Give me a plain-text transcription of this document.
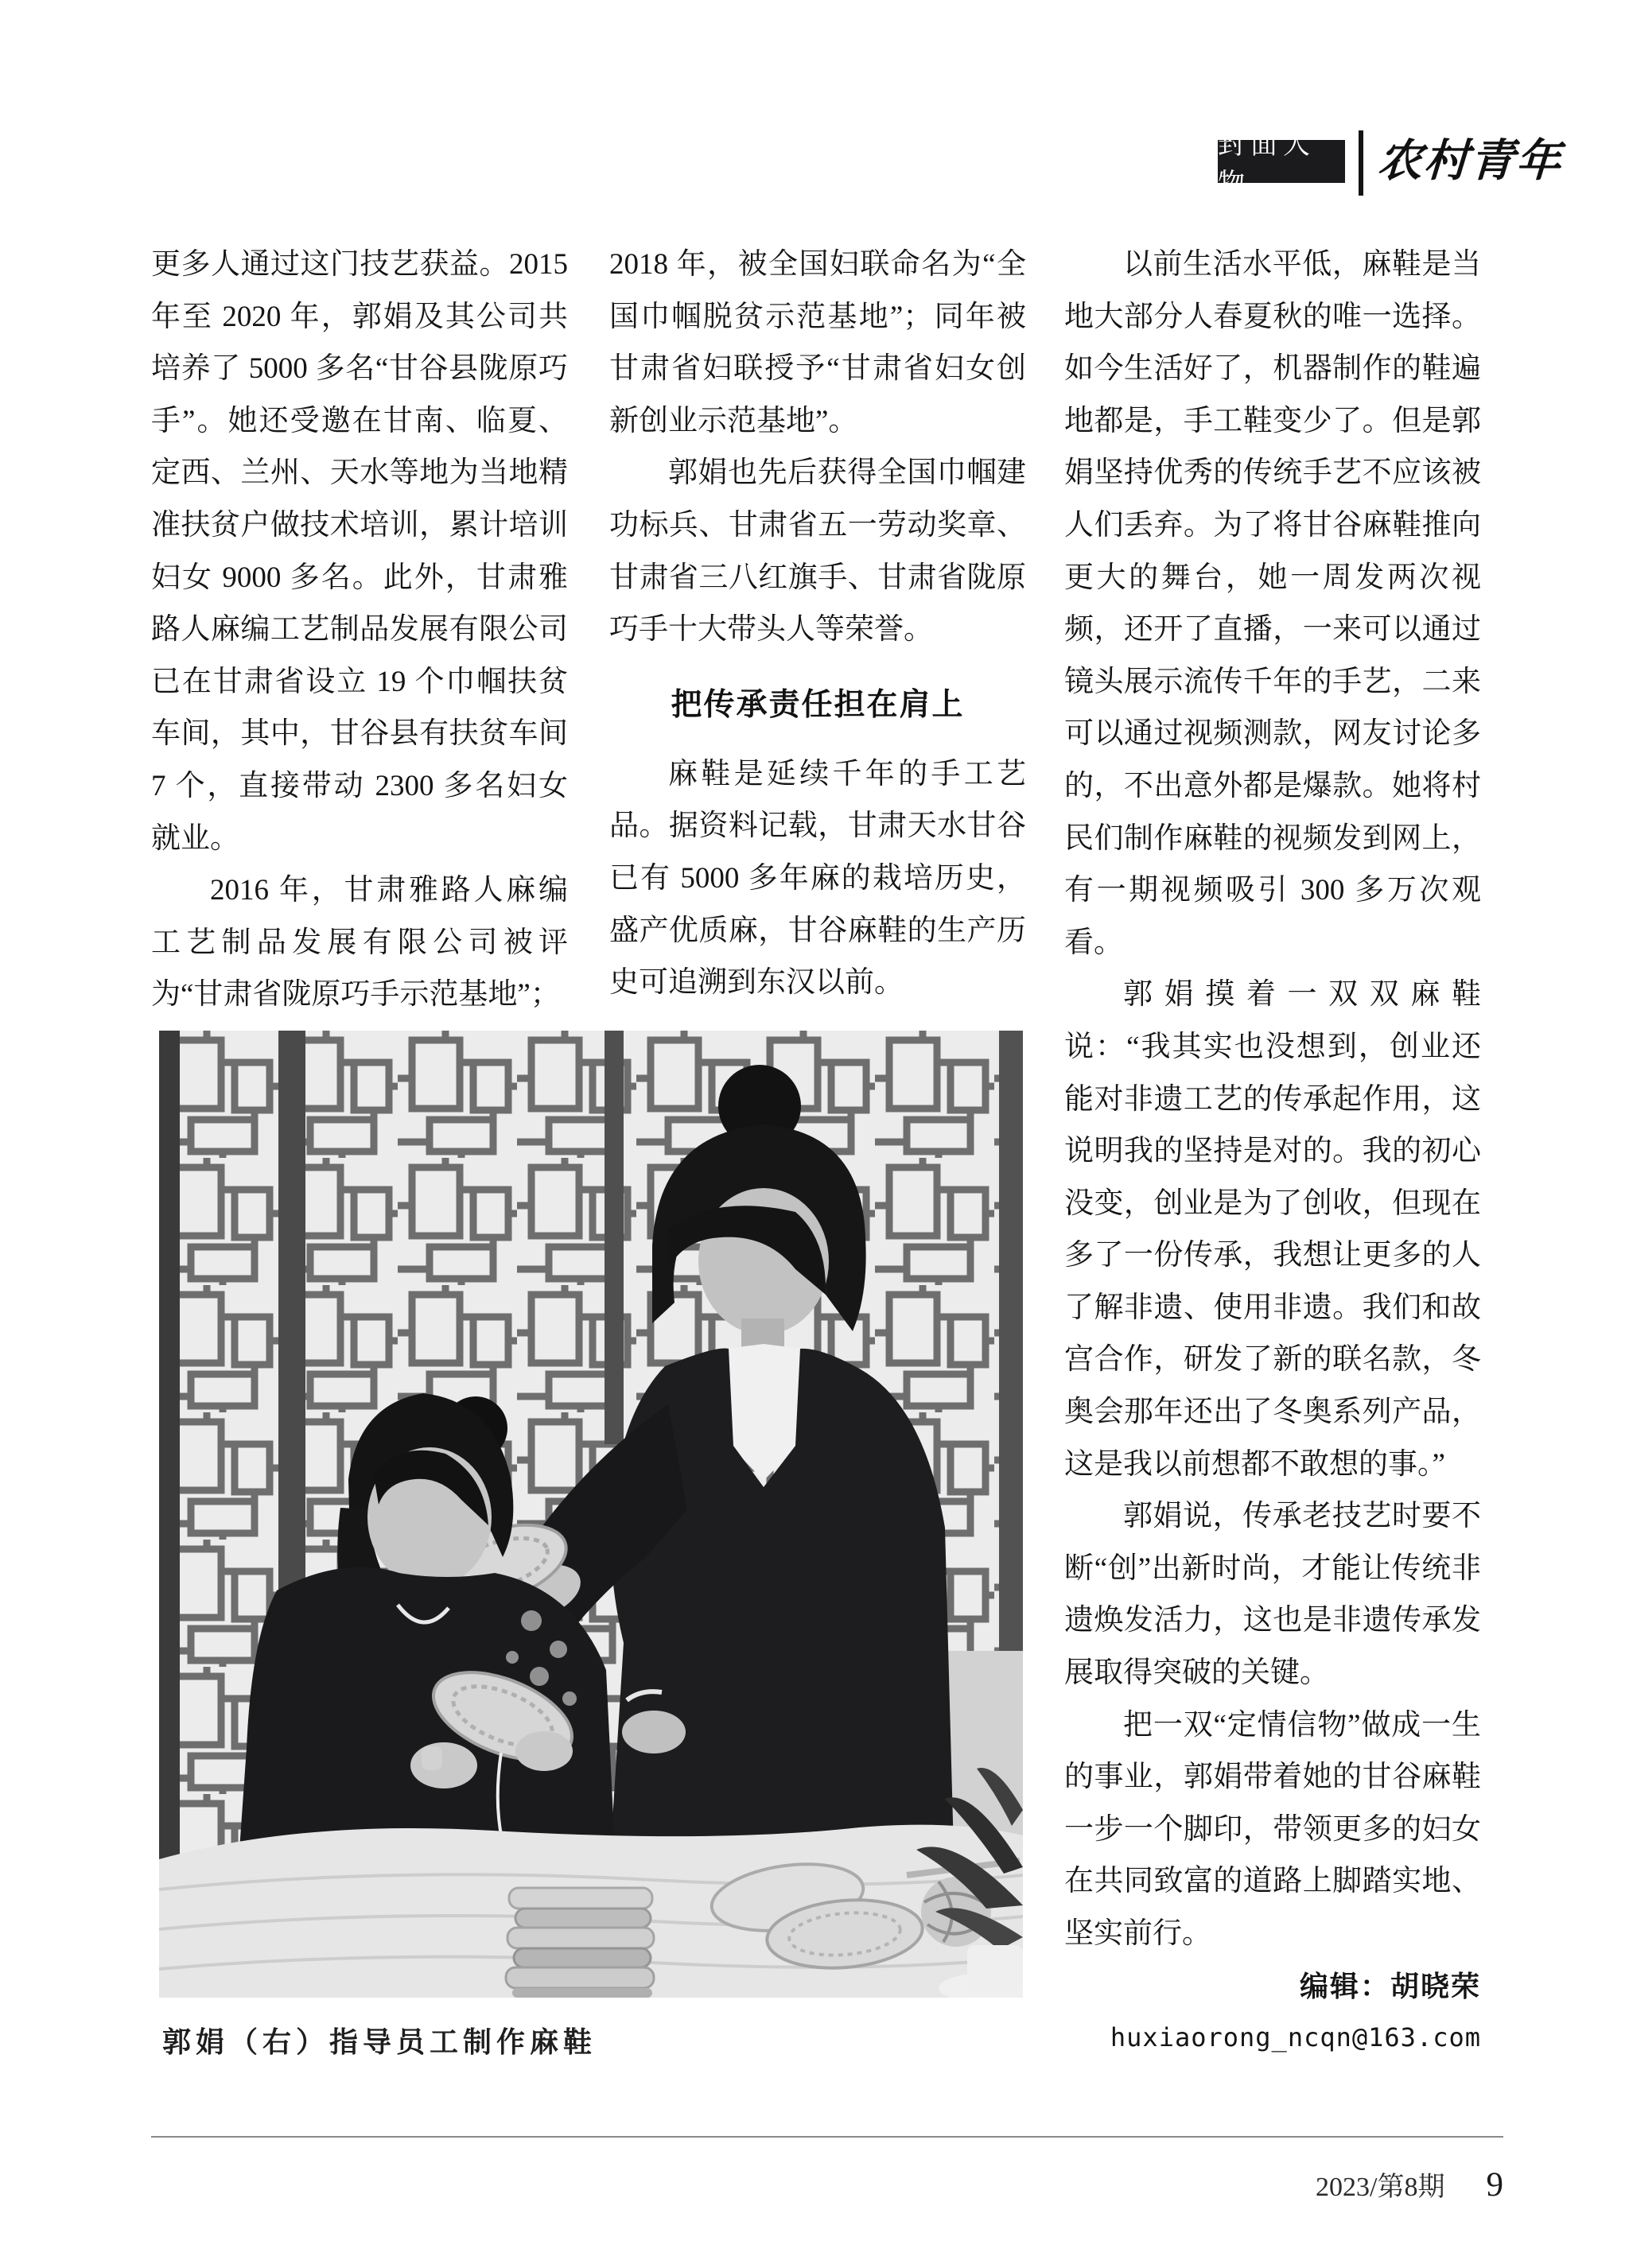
封面人物	农村青年

更多人通过这门技艺获益。2015 年至 2020 年，郭娟及其公司共培养了 5000 多名“甘谷县陇原巧手”。她还受邀在甘南、临夏、定西、兰州、天水等地为当地精准扶贫户做技术培训，累计培训妇女 9000 多名。此外，甘肃雅路人麻编工艺制品发展有限公司已在甘肃省设立 19 个巾帼扶贫车间，其中，甘谷县有扶贫车间 7 个，直接带动 2300 多名妇女就业。

2016 年，甘肃雅路人麻编工艺制品发展有限公司被评为“甘肃省陇原巧手示范基地”；

2018 年，被全国妇联命名为“全国巾帼脱贫示范基地”；同年被甘肃省妇联授予“甘肃省妇女创新创业示范基地”。

郭娟也先后获得全国巾帼建功标兵、甘肃省五一劳动奖章、甘肃省三八红旗手、甘肃省陇原巧手十大带头人等荣誉。

把传承责任担在肩上

麻鞋是延续千年的手工艺品。据资料记载，甘肃天水甘谷已有 5000 多年麻的栽培历史，盛产优质麻，甘谷麻鞋的生产历史可追溯到东汉以前。

以前生活水平低，麻鞋是当地大部分人春夏秋的唯一选择。如今生活好了，机器制作的鞋遍地都是，手工鞋变少了。但是郭娟坚持优秀的传统手艺不应该被人们丢弃。为了将甘谷麻鞋推向更大的舞台，她一周发两次视频，还开了直播，一来可以通过镜头展示流传千年的手艺，二来可以通过视频测款，网友讨论多的，不出意外都是爆款。她将村民们制作麻鞋的视频发到网上，有一期视频吸引 300 多万次观看。

郭娟摸着一双双麻鞋说：“我其实也没想到，创业还能对非遗工艺的传承起作用，这说明我的坚持是对的。我的初心没变，创业是为了创收，但现在多了一份传承，我想让更多的人了解非遗、使用非遗。我们和故宫合作，研发了新的联名款，冬奥会那年还出了冬奥系列产品，这是我以前想都不敢想的事。”

郭娟说，传承老技艺时要不断“创”出新时尚，才能让传统非遗焕发活力，这也是非遗传承发展取得突破的关键。

把一双“定情信物”做成一生的事业，郭娟带着她的甘谷麻鞋一步一个脚印，带领更多的妇女在共同致富的道路上脚踏实地、坚实前行。

编辑：胡晓荣
huxiaorong_ncqn@163.com
郭娟（右）指导员工制作麻鞋
2023/第8期 9
